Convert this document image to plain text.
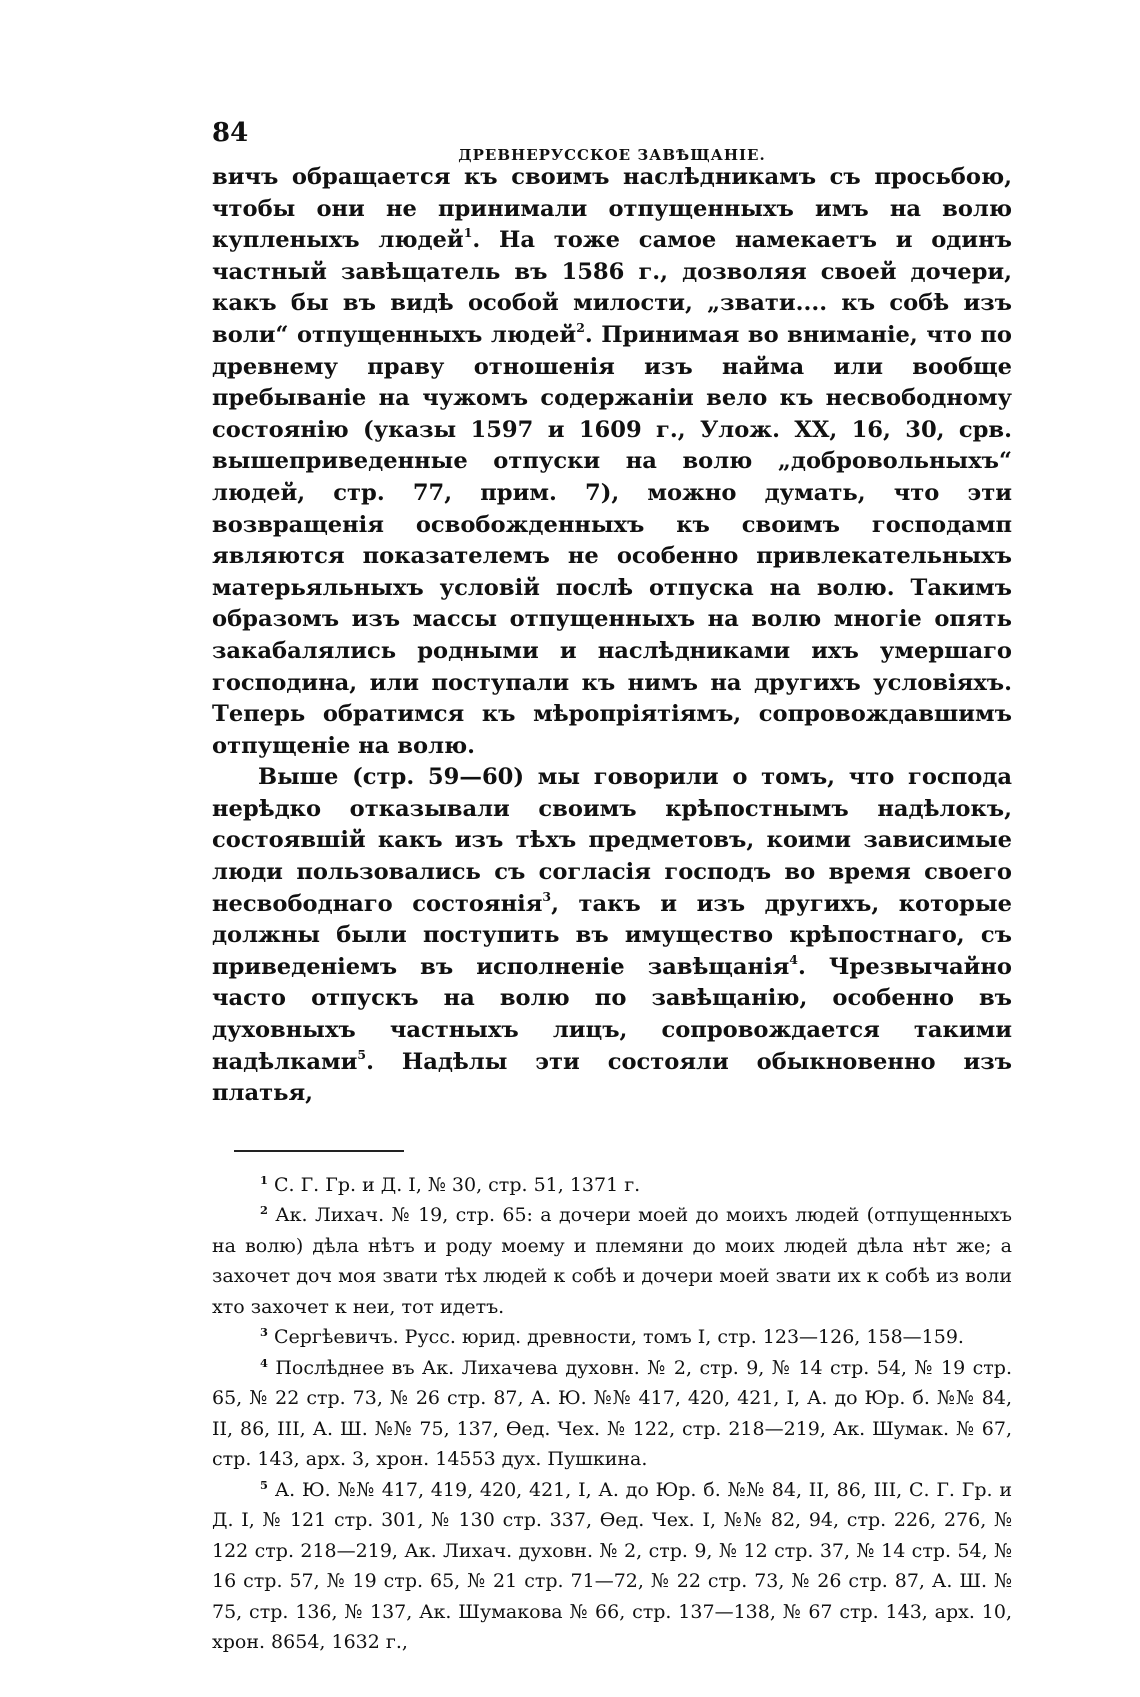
84
ДРЕВНЕРУССКОЕ ЗАВѢЩАНІЕ.

вичъ обращается къ своимъ наслѣдникамъ съ просьбою, чтобы они не принимали отпущенныхъ имъ на волю купленыхъ людей$^1$. На тоже самое намекаетъ и одинъ частный завѣщатель въ 1586 г., дозволяя своей дочери, какъ бы въ видѣ особой милости, „звати.... къ собѣ изъ воли“ отпущенныхъ людей$^2$. Принимая во вниманіе, что по древнему праву отношенія изъ найма или вообще пребываніе на чужомъ содержаніи вело къ несвободному состоянію (указы 1597 и 1609 г., Улож. XX, 16, 30, срв. вышеприведенные отпуски на волю „добровольныхъ“ людей, стр. 77, прим. 7), можно думать, что эти возвращенія освобожденныхъ къ своимъ господамп являются показателемъ не особенно привлекательныхъ матерьяльныхъ условій послѣ отпуска на волю. Такимъ образомъ изъ массы отпущенныхъ на волю многіе опять закабалялись родными и наслѣдниками ихъ умершаго господина, или поступали къ нимъ на другихъ условіяхъ. Теперь обратимся къ мѣропріятіямъ, сопровождавшимъ отпущеніе на волю.

Выше (стр. 59—60) мы говорили о томъ, что господа нерѣдко отказывали своимъ крѣпостнымъ надѣлокъ, состоявшій какъ изъ тѣхъ предметовъ, коими зависимые люди пользовались съ согласія господъ во время своего несвободнаго состоянія$^3$, такъ и изъ другихъ, которые должны были поступить въ имущество крѣпостнаго, съ приведеніемъ въ исполненіе завѣщанія$^4$. Чрезвычайно часто отпускъ на волю по завѣщанію, особенно въ духовныхъ частныхъ лицъ, сопровождается такими надѣлками$^5$. Надѣлы эти состояли обыкновенно изъ платья,

$^1$ С. Г. Гр. и Д. I, № 30, стр. 51, 1371 г.

$^2$ Ак. Лихач. № 19, стр. 65: а дочери моей до моихъ людей (отпущенныхъ на волю) дѣла нѣтъ и роду моему и племяни до моих людей дѣла нѣт же; а захочет доч моя звати тѣх людей к собѣ и дочери моей звати их к собѣ из воли хто захочет к неи, тот идетъ.

$^3$ Сергѣевичъ. Русс. юрид. древности, томъ I, стр. 123—126, 158—159.

$^4$ Послѣднее въ Ак. Лихачева духовн. № 2, стр. 9, № 14 стр. 54, № 19 стр. 65, № 22 стр. 73, № 26 стр. 87, А. Ю. №№ 417, 420, 421, I, А. до Юр. б. №№ 84, II, 86, III, А. Ш. №№ 75, 137, Ѳед. Чех. № 122, стр. 218—219, Ак. Шумак. № 67, стр. 143, арх. 3, хрон. 14553 дух. Пушкина.

$^5$ А. Ю. №№ 417, 419, 420, 421, I, А. до Юр. б. №№ 84, II, 86, III, С. Г. Гр. и Д. I, № 121 стр. 301, № 130 стр. 337, Ѳед. Чех. I, №№ 82, 94, стр. 226, 276, № 122 стр. 218—219, Ак. Лихач. духовн. № 2, стр. 9, № 12 стр. 37, № 14 стр. 54, № 16 стр. 57, № 19 стр. 65, № 21 стр. 71—72, № 22 стр. 73, № 26 стр. 87, А. Ш. № 75, стр. 136, № 137, Ак. Шумакова № 66, стр. 137—138, № 67 стр. 143, арх. 10, хрон. 8654, 1632 г.,
